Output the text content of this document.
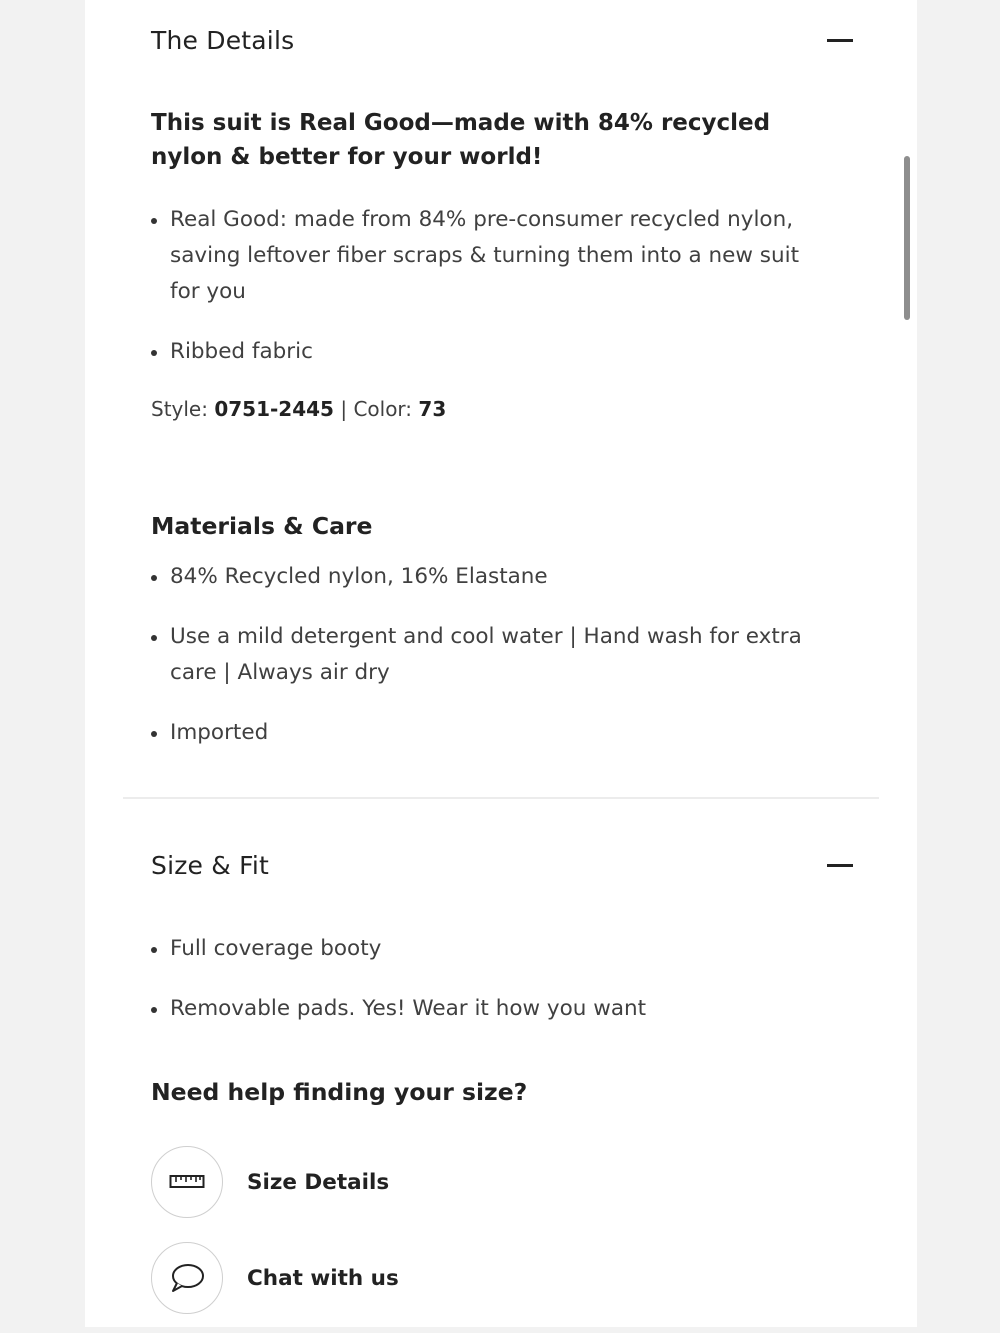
The Details
This suit is Real Good—made with 84% recycled nylon & better for your world!
Real Good: made from 84% pre-consumer recycled nylon, saving leftover fiber scraps & turning them into a new suit for you
Ribbed fabric
Style: 0751-2445 | Color: 73
Materials & Care
84% Recycled nylon, 16% Elastane
Use a mild detergent and cool water | Hand wash for extra care | Always air dry
Imported
Size & Fit
Full coverage booty
Removable pads. Yes! Wear it how you want
Need help finding your size?
Size Details
Chat with us
